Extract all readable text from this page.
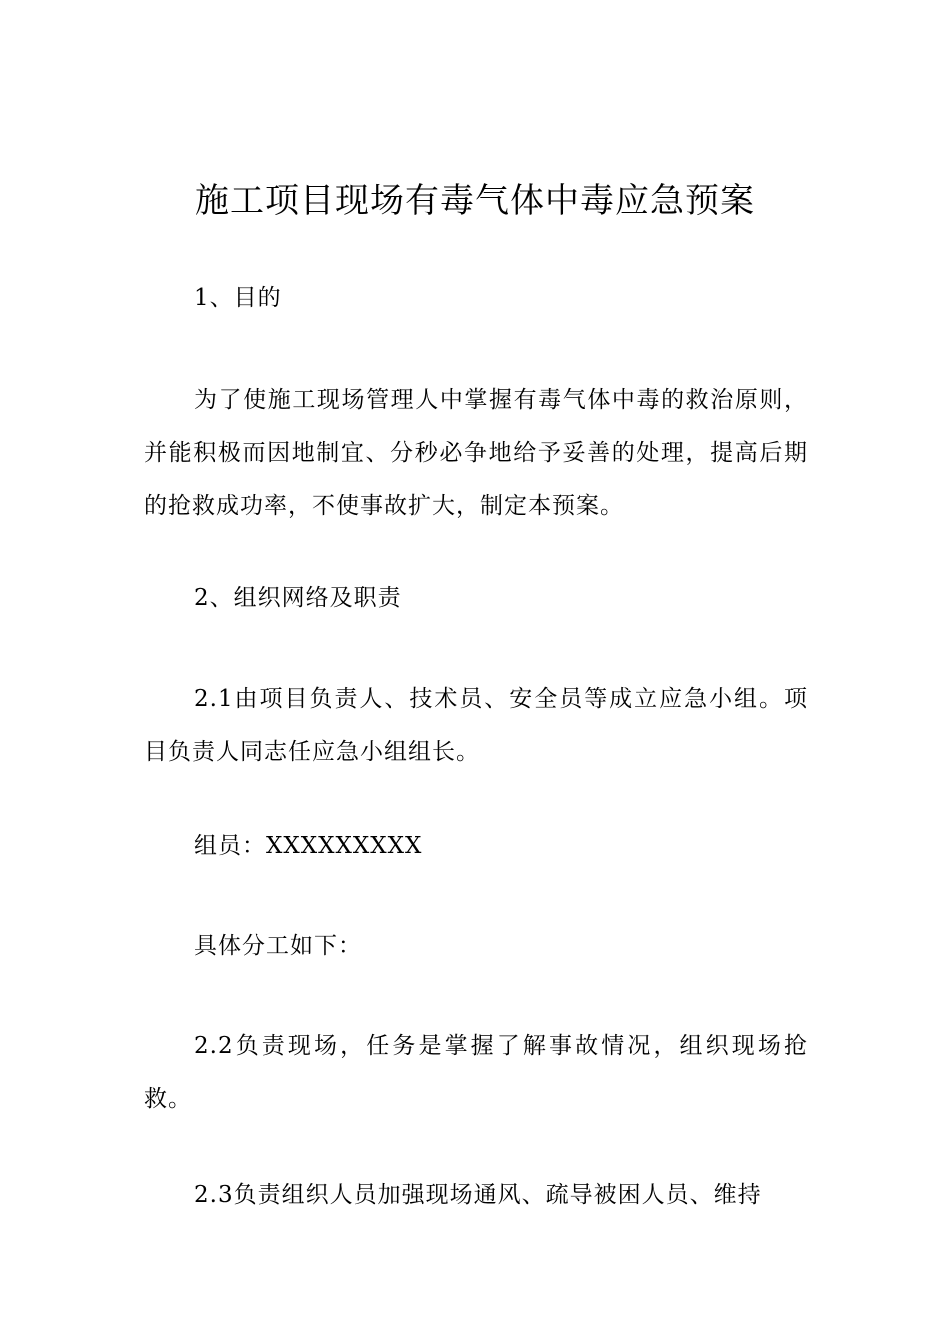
施工项目现场有毒气体中毒应急预案
1、目的
为了使施工现场管理人中掌握有毒气体中毒的救治原则，并能积极而因地制宜、分秒必争地给予妥善的处理，提高后期的抢救成功率，不使事故扩大，制定本预案。
2、组织网络及职责
2.1由项目负责人、技术员、安全员等成立应急小组。项目负责人同志任应急小组组长。
组员：XXXXXXXXX
具体分工如下：
2.2负责现场，任务是掌握了解事故情况，组织现场抢救。
2.3负责组织人员加强现场通风、疏导被困人员、维持
